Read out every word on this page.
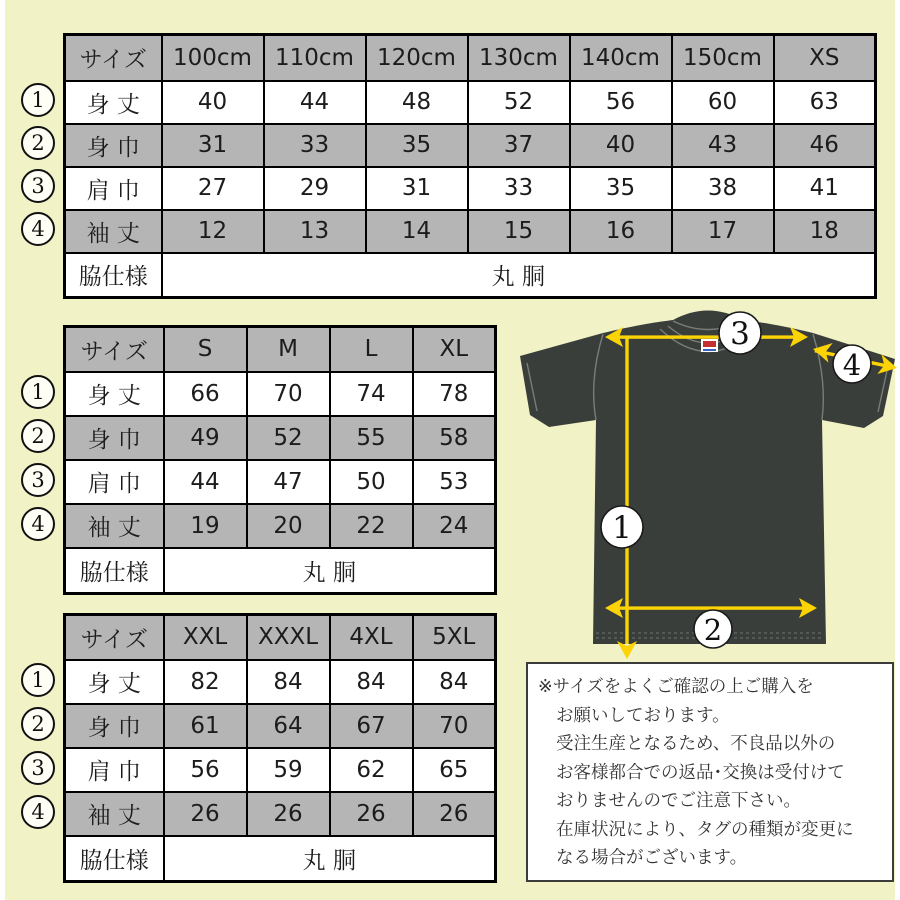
サイズ	100cm	110cm	120cm	130cm	140cm	150cm	XS
身 丈	40	44	48	52	56	60	63
身 巾	31	33	35	37	40	43	46
肩 巾	27	29	31	33	35	38	41
袖 丈	12	13	14	15	16	17	18
脇仕様	丸 胴						
1
2
3
4
サイズ	S	M	L	XL
身 丈	66	70	74	78
身 巾	49	52	55	58
肩 巾	44	47	50	53
袖 丈	19	20	22	24
脇仕様	丸 胴			
1
2
3
4
サイズ	XXL	XXXL	4XL	5XL
身 丈	82	84	84	84
身 巾	61	64	67	70
肩 巾	56	59	62	65
袖 丈	26	26	26	26
脇仕様	丸 胴			
1
2
3
4
1
2
3
4
※サイズをよくご確認の上ご購入を
お願いしております。
受注生産となるため、不良品以外の
お客様都合での返品･交換は受付けて
おりませんのでご注意下さい。
在庫状況により、タグの種類が変更に
なる場合がございます。
